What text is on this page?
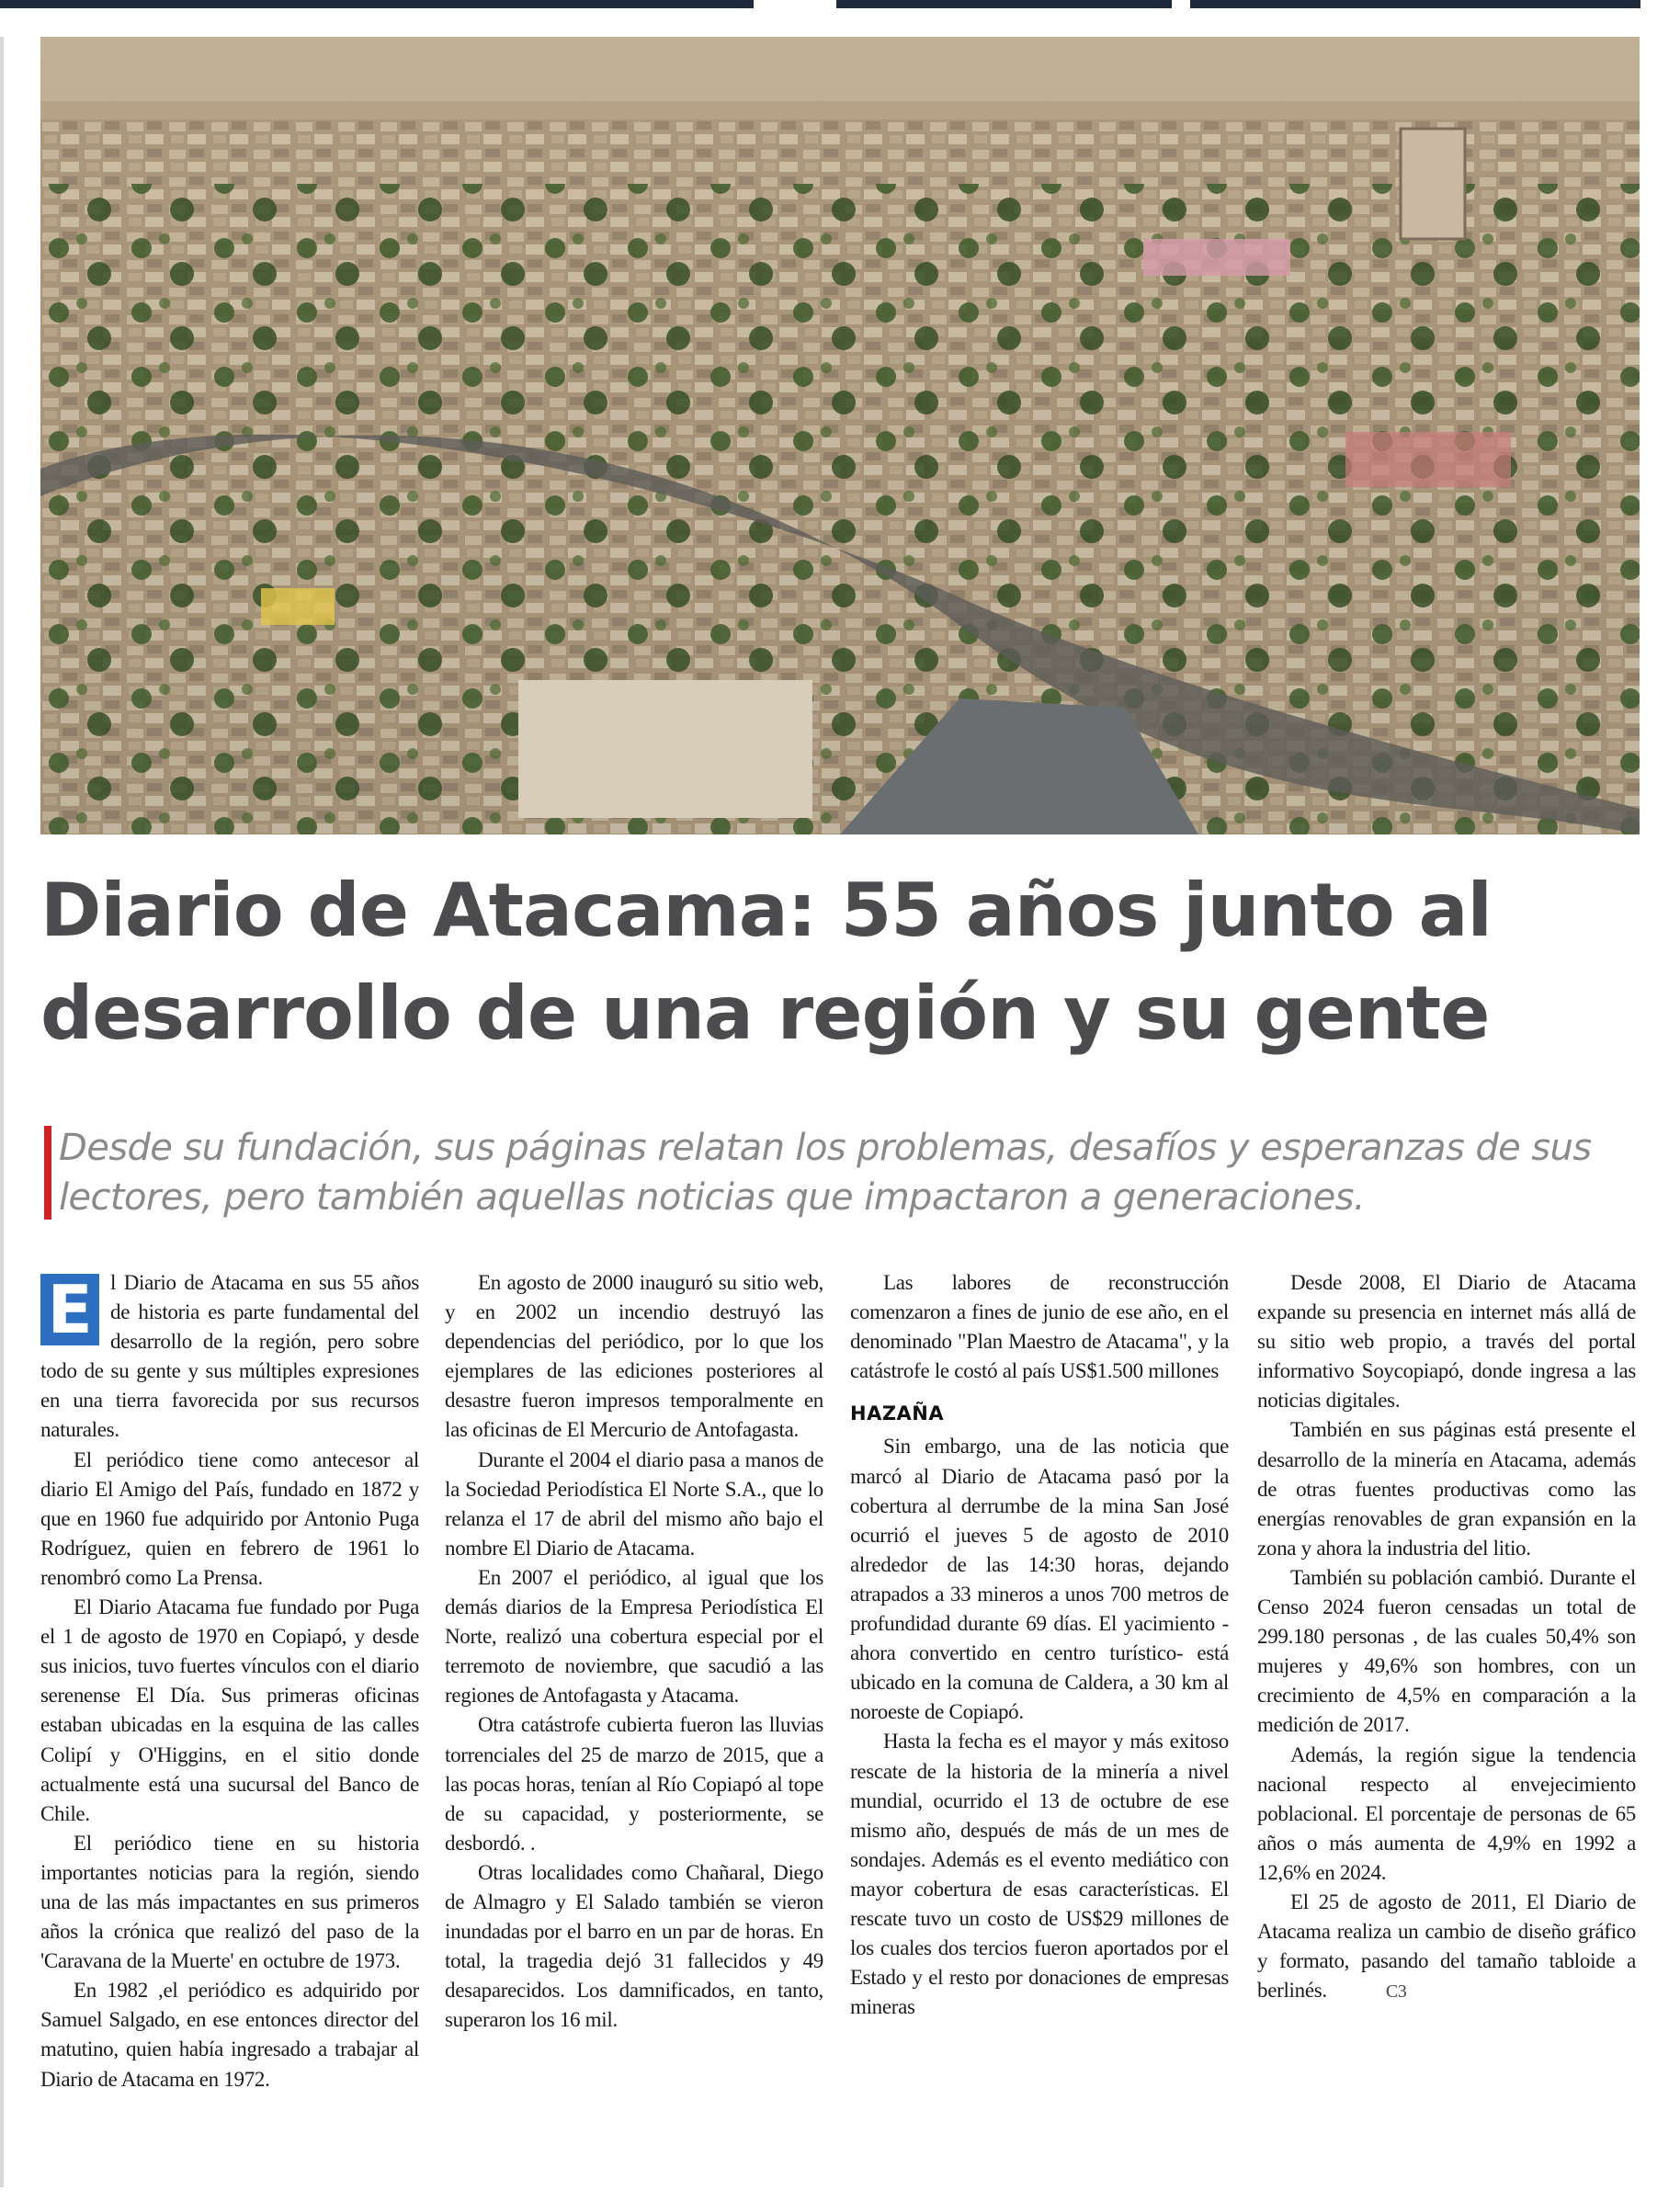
Diario de Atacama: 55 años junto al desarrollo de una región y su gente

Desde su fundación, sus páginas relatan los problemas, desafíos y esperanzas de sus lectores, pero también aquellas noticias que impactaron a generaciones.

E l Diario de Atacama en sus 55 años de historia es parte fundamental del desarrollo de la región, pero sobre todo de su gente y sus múltiples expresiones en una tierra favorecida por sus recursos naturales.

El periódico tiene como antecesor al diario El Amigo del País, fundado en 1872 y que en 1960 fue adquirido por Antonio Puga Rodríguez, quien en febrero de 1961 lo renombró como La Prensa.

El Diario Atacama fue fundado por Puga el 1 de agosto de 1970 en Copiapó, y desde sus inicios, tuvo fuertes vínculos con el diario serenense El Día. Sus primeras oficinas estaban ubicadas en la esquina de las calles Colipí y O'Higgins, en el sitio donde actualmente está una sucursal del Banco de Chile.

El periódico tiene en su historia importantes noticias para la región, siendo una de las más impactantes en sus primeros años la crónica que realizó del paso de la 'Caravana de la Muerte' en octubre de 1973.

En 1982 ,el periódico es adquirido por Samuel Salgado, en ese entonces director del matutino, quien había ingresado a trabajar al Diario de Atacama en 1972.

En agosto de 2000 inauguró su sitio web, y en 2002 un incendio destruyó las dependencias del periódico, por lo que los ejemplares de las ediciones posteriores al desastre fueron impresos temporalmente en las oficinas de El Mercurio de Antofagasta.

Durante el 2004 el diario pasa a manos de la Sociedad Periodística El Norte S.A., que lo relanza el 17 de abril del mismo año bajo el nombre El Diario de Atacama.

En 2007 el periódico, al igual que los demás diarios de la Empresa Periodística El Norte, realizó una cobertura especial por el terremoto de noviembre, que sacudió a las regiones de Antofagasta y Atacama.

Otra catástrofe cubierta fueron las lluvias torrenciales del 25 de marzo de 2015, que a las pocas horas, tenían al Río Copiapó al tope de su capacidad, y posteriormente, se desbordó. .

Otras localidades como Chañaral, Diego de Almagro y El Salado también se vieron inundadas por el barro en un par de horas. En total, la tragedia dejó 31 fallecidos y 49 desaparecidos. Los damnificados, en tanto, superaron los 16 mil.

Las labores de reconstrucción comenzaron a fines de junio de ese año, en el denominado "Plan Maestro de Atacama", y la catástrofe le costó al país US$1.500 millones

HAZAÑA

Sin embargo, una de las noticia que marcó al Diario de Atacama pasó por la cobertura al derrumbe de la mina San José ocurrió el jueves 5 de agosto de 2010 alrededor de las 14:30 horas, dejando atrapados a 33 mineros a unos 700 metros de profundidad durante 69 días. El yacimiento -ahora convertido en centro turístico- está ubicado en la comuna de Caldera, a 30 km al noroeste de Copiapó.

Hasta la fecha es el mayor y más exitoso rescate de la historia de la minería a nivel mundial, ocurrido el 13 de octubre de ese mismo año, después de más de un mes de sondajes. Además es el evento mediático con mayor cobertura de esas características. El rescate tuvo un costo de US$29 millones de los cuales dos tercios fueron aportados por el Estado y el resto por donaciones de empresas mineras

Desde 2008, El Diario de Atacama expande su presencia en internet más allá de su sitio web propio, a través del portal informativo Soycopiapó, donde ingresa a las noticias digitales.

También en sus páginas está presente el desarrollo de la minería en Atacama, además de otras fuentes productivas como las energías renovables de gran expansión en la zona y ahora la industria del litio.

También su población cambió. Durante el Censo 2024 fueron censadas un total de 299.180 personas , de las cuales 50,4% son mujeres y 49,6% son hombres, con un crecimiento de 4,5% en comparación a la medición de 2017.

Además, la región sigue la tendencia nacional respecto al envejecimiento poblacional. El porcentaje de personas de 65 años o más aumenta de 4,9% en 1992 a 12,6% en 2024.

El 25 de agosto de 2011, El Diario de Atacama realiza un cambio de diseño gráfico y formato, pasando del tamaño tabloide a berlinés.	C3
